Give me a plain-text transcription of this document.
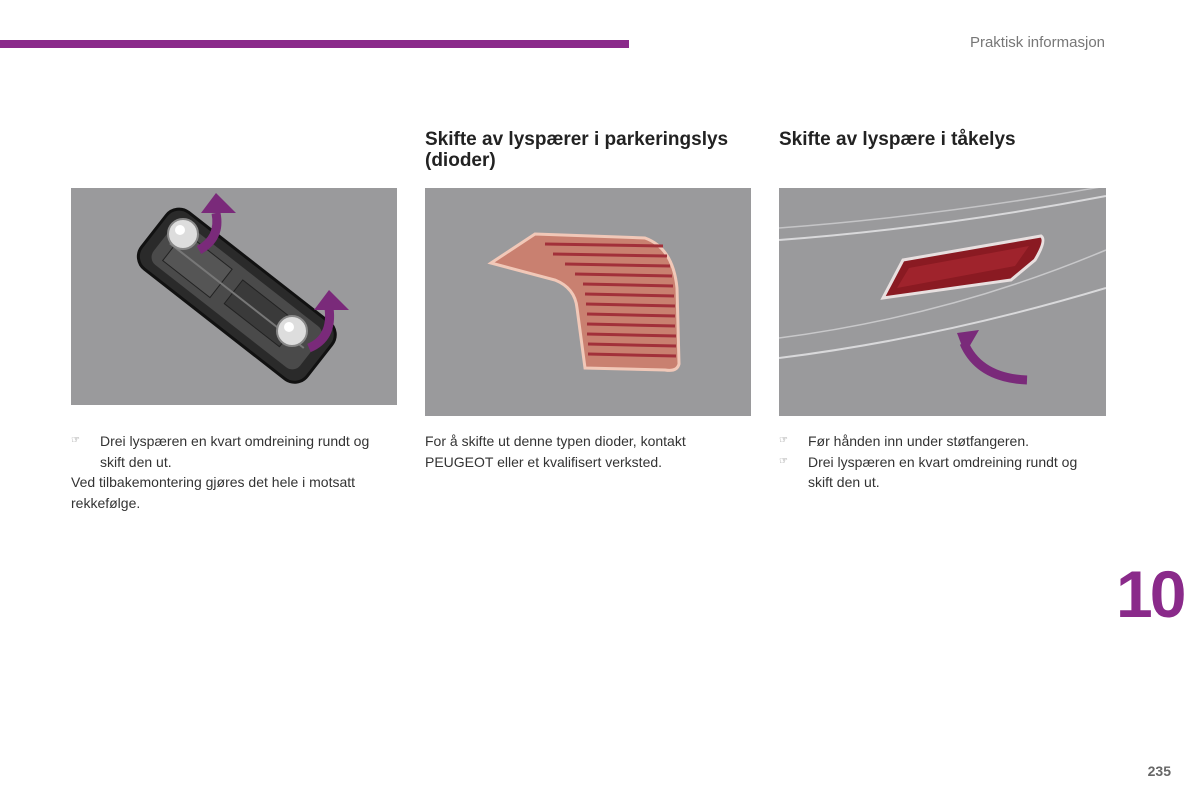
Praktisk informasjon
Skifte av lyspærer i parkeringslys (dioder)
Skifte av lyspære i tåkelys
☞ Drei lyspæren en kvart omdreining rundt og skift den ut.
Ved tilbakemontering gjøres det hele i motsatt rekkefølge.
For å skifte ut denne typen dioder, kontakt PEUGEOT eller et kvalifisert verksted.
☞ Før hånden inn under støtfangeren.
☞ Drei lyspæren en kvart omdreining rundt og skift den ut.
10
235
